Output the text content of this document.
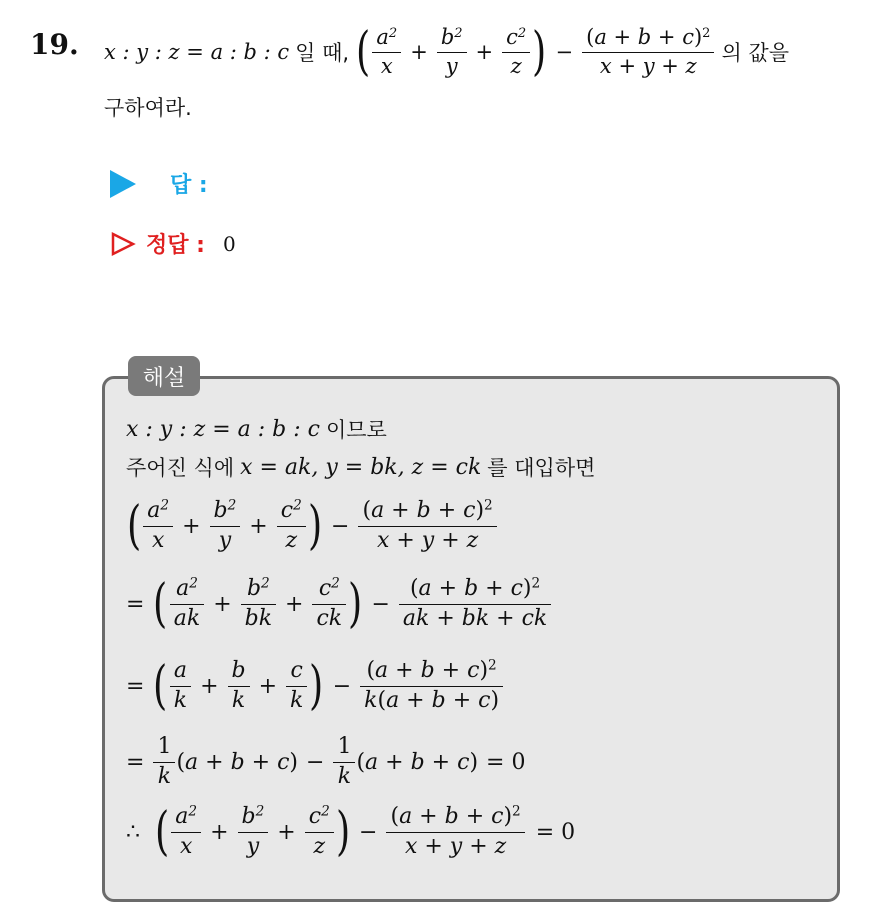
19. x : y : z = a : b : c 일 때, ( $\frac{a^2}{x} + \frac{b^2}{y} + \frac{c^2}{z}$ ) − $\frac{(a + b + c)^2}{x + y + z}$ 의 값을
구하여라.
답 :
정답 : 0
해설
x : y : z = a : b : c 이므로
주어진 식에 x = ak, y = bk, z = ck 를 대입하면
( $\frac{a^2}{x} + \frac{b^2}{y} + \frac{c^2}{z}$ ) − $\frac{(a + b + c)^2}{x + y + z}$
= ( $\frac{a^2}{ak} + \frac{b^2}{bk} + \frac{c^2}{ck}$ ) − $\frac{(a + b + c)^2}{ak + bk + ck}$
= ( $\frac{a}{k} + \frac{b}{k} + \frac{c}{k}$ ) − $\frac{(a + b + c)^2}{k(a + b + c)}$
= $\frac{1}{k} (a + b + c) - \frac{1}{k} (a + b + c) = 0$
∴ ( $\frac{a^2}{x} + \frac{b^2}{y} + \frac{c^2}{z}$ ) − $\frac{(a + b + c)^2}{x + y + z} = 0$
